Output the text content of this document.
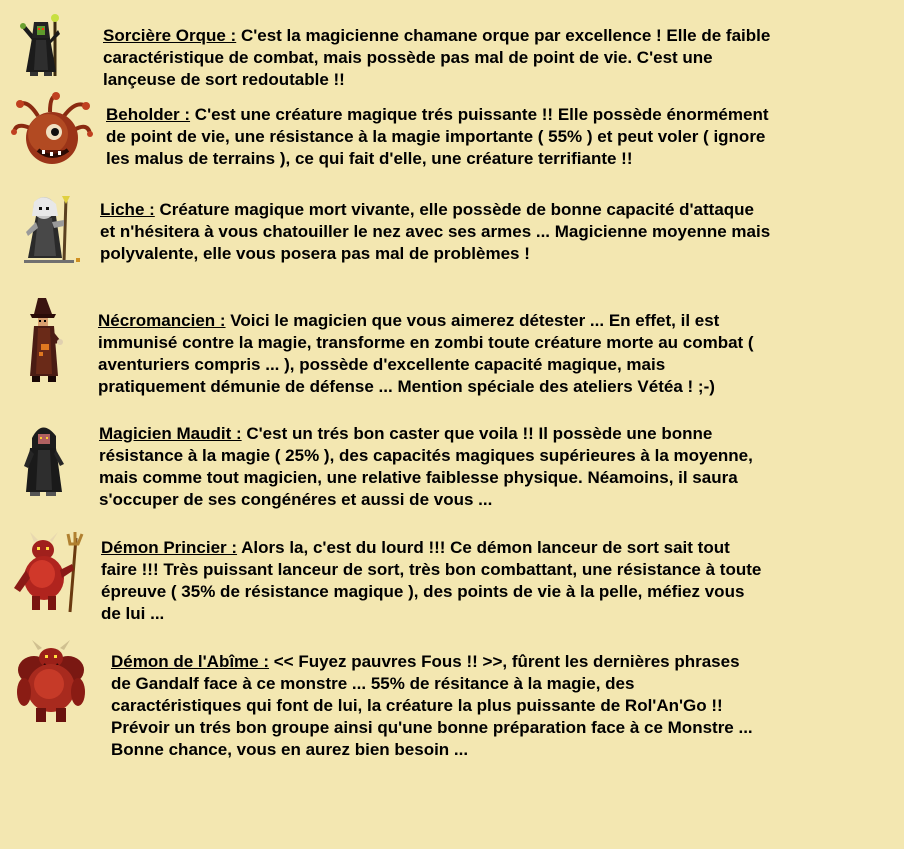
Sorcière Orque : C'est la magicienne chamane orque par excellence ! Elle de faible
caractéristique de combat, mais possède pas mal de point de vie. C'est une
lançeuse de sort redoutable !!
Beholder : C'est une créature magique trés puissante !! Elle possède énormément
de point de vie, une résistance à la magie importante ( 55% ) et peut voler ( ignore
les malus de terrains ), ce qui fait d'elle, une créature terrifiante !!
Liche : Créature magique mort vivante, elle possède de bonne capacité d'attaque
et n'hésitera à vous chatouiller le nez avec ses armes ... Magicienne moyenne mais
polyvalente, elle vous posera pas mal de problèmes !
Nécromancien : Voici le magicien que vous aimerez détester ... En effet, il est
immunisé contre la magie, transforme en zombi toute créature morte au combat (
aventuriers compris ... ), possède d'excellente capacité magique, mais
pratiquement démunie de défense ... Mention spéciale des ateliers Vétéa ! ;-)
Magicien Maudit : C'est un trés bon caster que voila !! Il possède une bonne
résistance à la magie ( 25% ), des capacités magiques supérieures à la moyenne,
mais comme tout magicien, une relative faiblesse physique. Néamoins, il saura
s'occuper de ses congénéres et aussi de vous ...
Démon Princier : Alors la, c'est du lourd !!! Ce démon lanceur de sort sait tout
faire !!! Très puissant lanceur de sort, très bon combattant, une résistance à toute
épreuve ( 35% de résistance magique ), des points de vie à la pelle, méfiez vous
de lui ...
Démon de l'Abîme : << Fuyez pauvres Fous !! >>, fûrent les dernières phrases
de Gandalf face à ce monstre ... 55% de résitance à la magie, des
caractéristiques qui font de lui, la créature la plus puissante de Rol'An'Go !!
Prévoir un trés bon groupe ainsi qu'une bonne préparation face à ce Monstre ...
Bonne chance, vous en aurez bien besoin ...
